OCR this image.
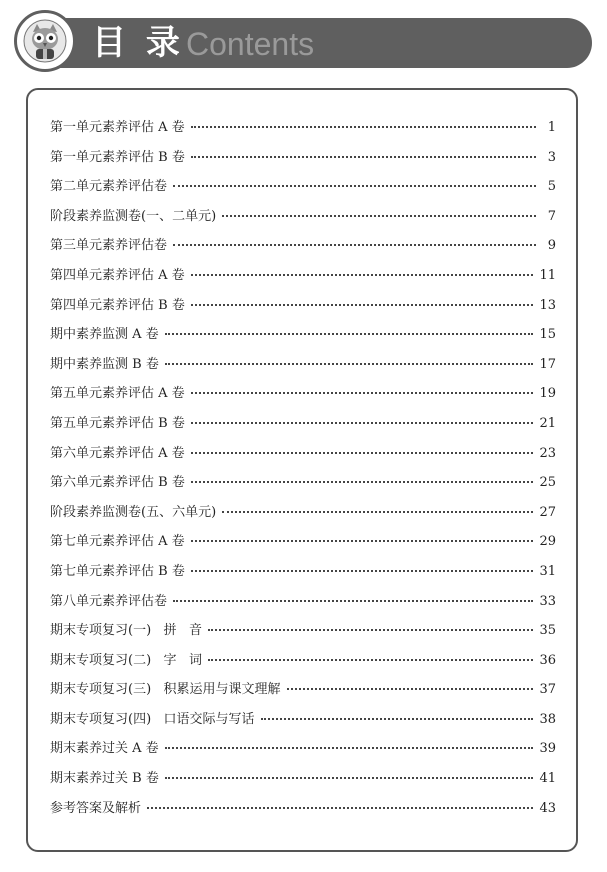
目 录 Contents
第一单元素养评估 A 卷	1
第一单元素养评估 B 卷	3
第二单元素养评估卷	5
阶段素养监测卷(一、二单元)	7
第三单元素养评估卷	9
第四单元素养评估 A 卷	11
第四单元素养评估 B 卷	13
期中素养监测 A 卷	15
期中素养监测 B 卷	17
第五单元素养评估 A 卷	19
第五单元素养评估 B 卷	21
第六单元素养评估 A 卷	23
第六单元素养评估 B 卷	25
阶段素养监测卷(五、六单元)	27
第七单元素养评估 A 卷	29
第七单元素养评估 B 卷	31
第八单元素养评估卷	33
期末专项复习(一)   拼   音	35
期末专项复习(二)   字   词	36
期末专项复习(三)   积累运用与课文理解	37
期末专项复习(四)   口语交际与写话	38
期末素养过关 A 卷	39
期末素养过关 B 卷	41
参考答案及解析	43
